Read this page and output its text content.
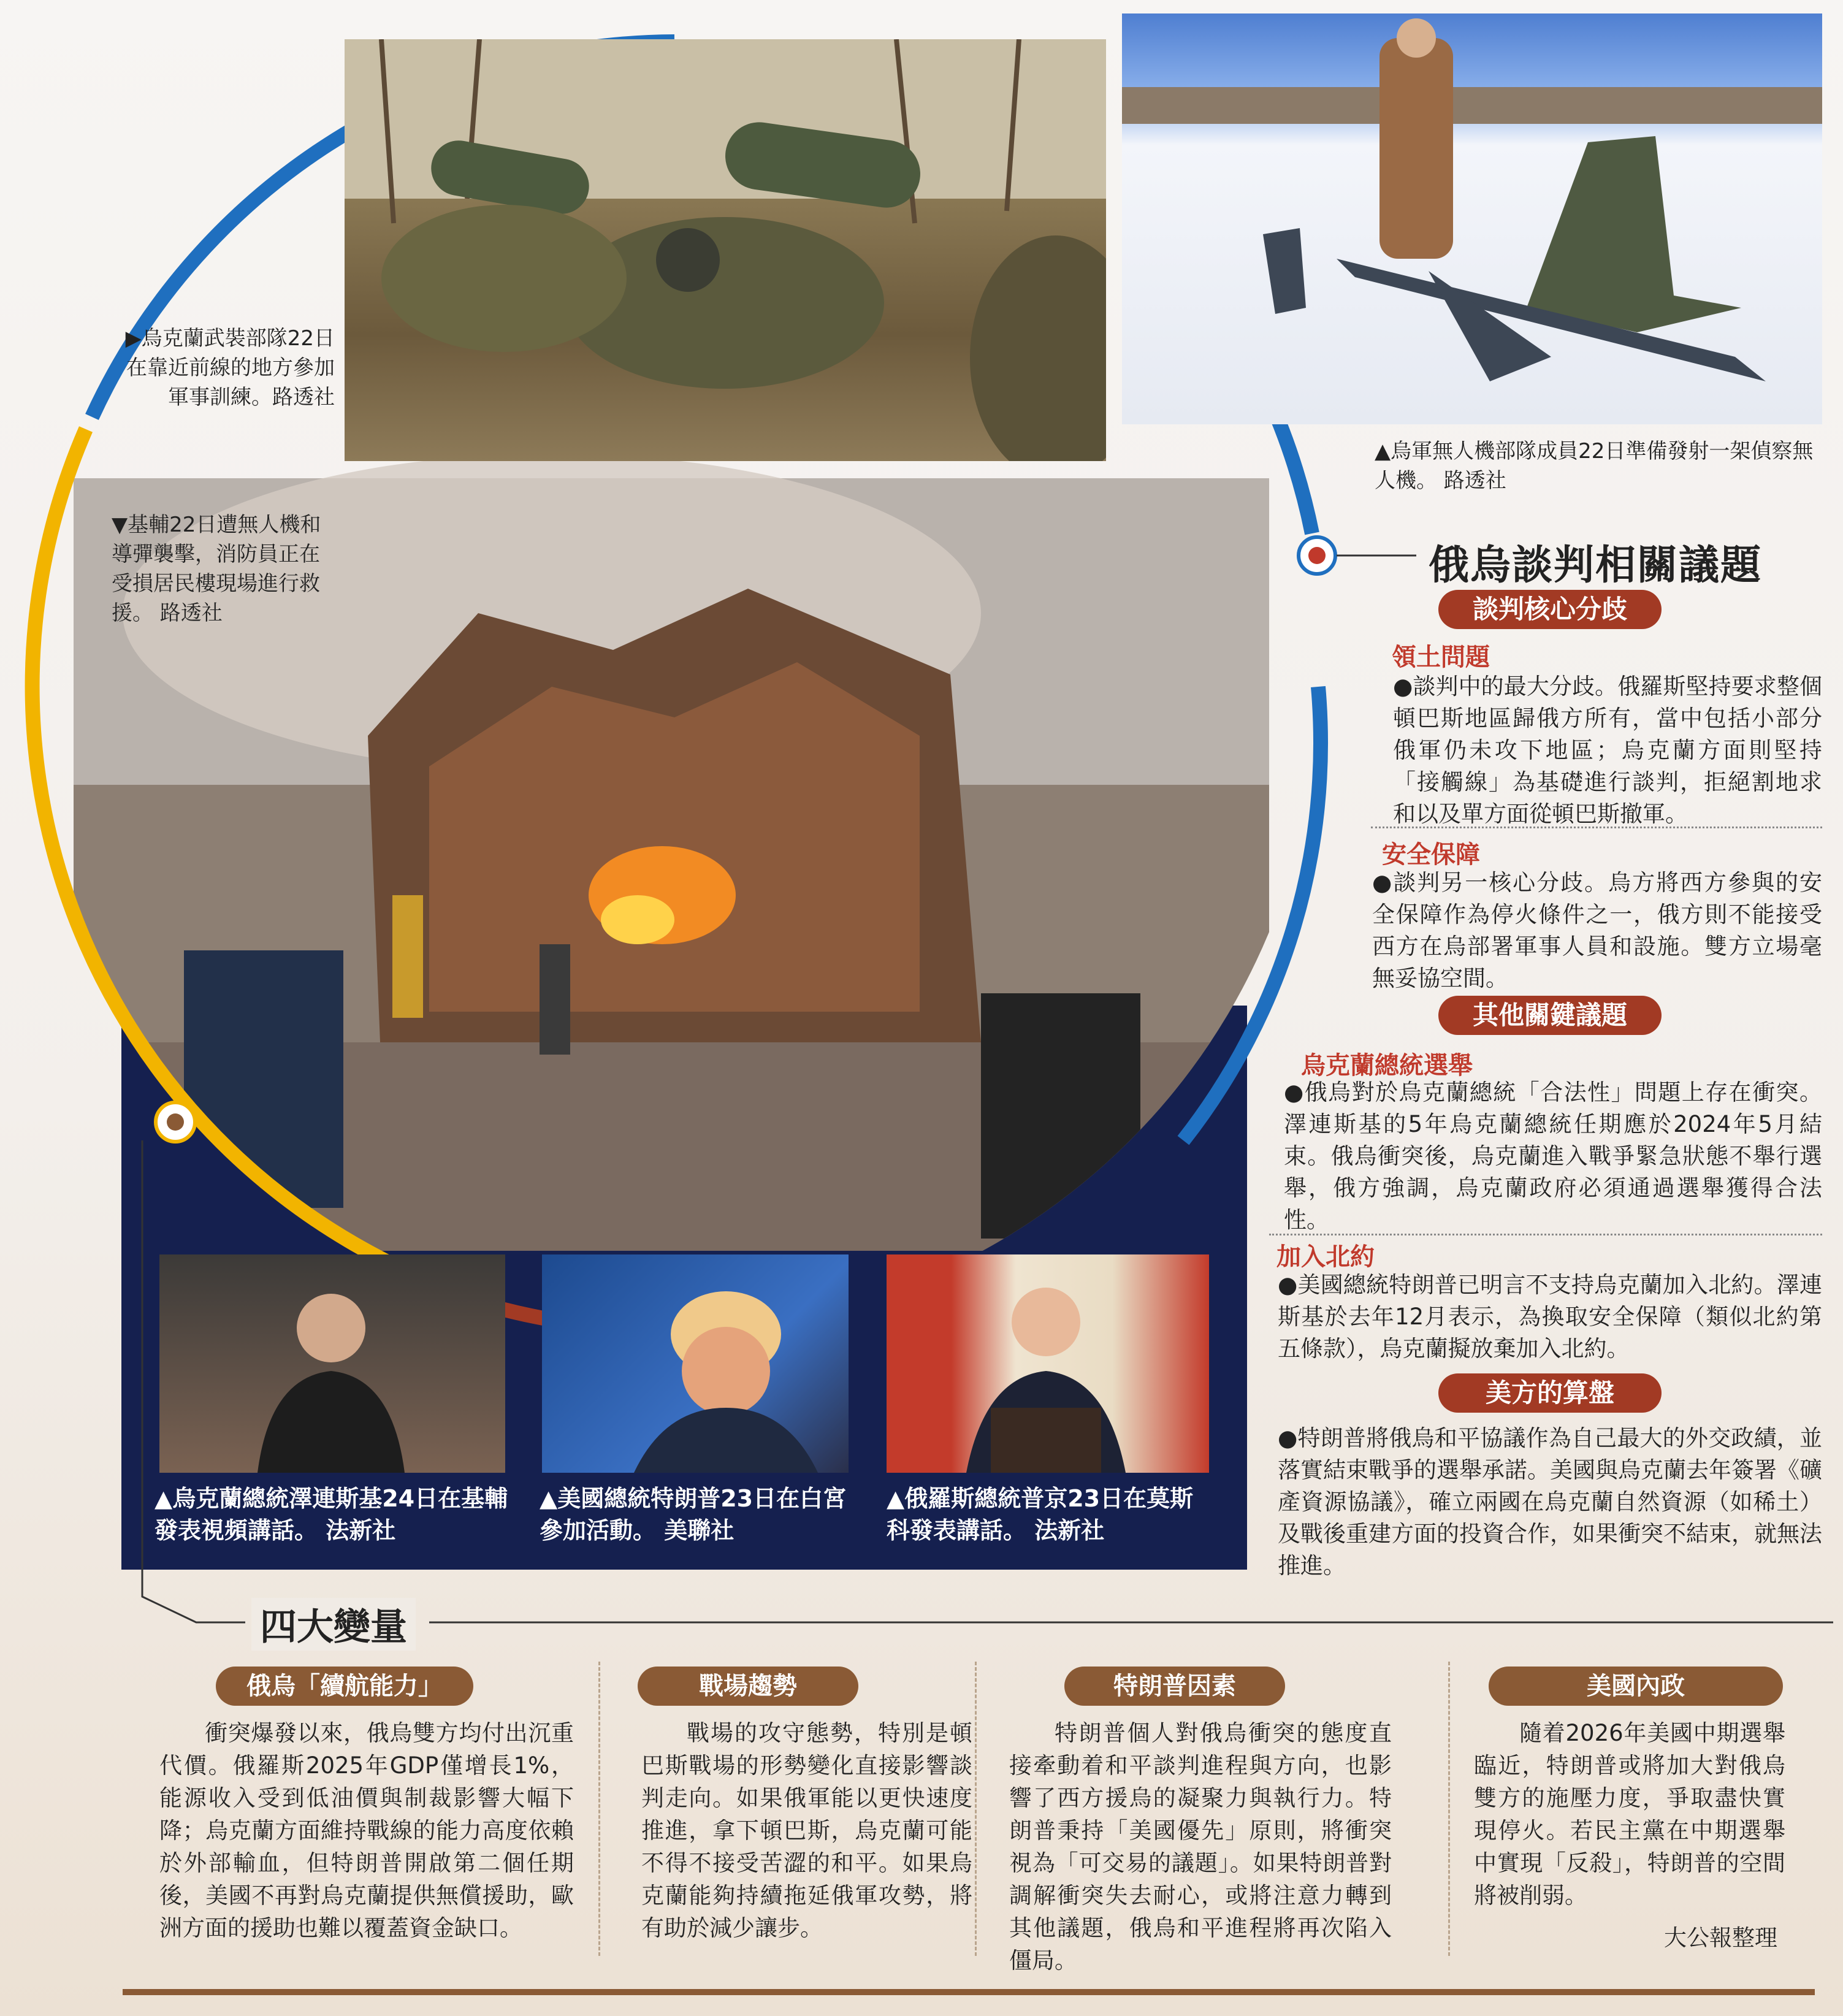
▶烏克蘭武裝部隊22日在靠近前線的地方參加軍事訓練。路透社
▲烏軍無人機部隊成員22日準備發射一架偵察無人機。 路透社
▼基輔22日遭無人機和導彈襲擊，消防員正在受損居民樓現場進行救援。 路透社
▲烏克蘭總統澤連斯基24日在基輔發表視頻講話。 法新社
▲美國總統特朗普23日在白宮參加活動。 美聯社
▲俄羅斯總統普京23日在莫斯科發表講話。 法新社
俄烏談判相關議題
談判核心分歧
領土問題
●談判中的最大分歧。俄羅斯堅持要求整個頓巴斯地區歸俄方所有，當中包括小部分俄軍仍未攻下地區；烏克蘭方面則堅持「接觸線」為基礎進行談判，拒絕割地求和以及單方面從頓巴斯撤軍。
安全保障
●談判另一核心分歧。烏方將西方參與的安全保障作為停火條件之一，俄方則不能接受西方在烏部署軍事人員和設施。雙方立場毫無妥協空間。
其他關鍵議題
烏克蘭總統選舉
●俄烏對於烏克蘭總統「合法性」問題上存在衝突。澤連斯基的5年烏克蘭總統任期應於2024年5月結束。俄烏衝突後，烏克蘭進入戰爭緊急狀態不舉行選舉，俄方強調，烏克蘭政府必須通過選舉獲得合法性。
加入北約
●美國總統特朗普已明言不支持烏克蘭加入北約。澤連斯基於去年12月表示，為換取安全保障（類似北約第五條款），烏克蘭擬放棄加入北約。
美方的算盤
●特朗普將俄烏和平協議作為自己最大的外交政績，並落實結束戰爭的選舉承諾。美國與烏克蘭去年簽署《礦產資源協議》，確立兩國在烏克蘭自然資源（如稀土）及戰後重建方面的投資合作，如果衝突不結束，就無法推進。
四大變量
俄烏「續航能力」
衝突爆發以來，俄烏雙方均付出沉重代價。俄羅斯2025年GDP僅增長1%，能源收入受到低油價與制裁影響大幅下降；烏克蘭方面維持戰線的能力高度依賴於外部輸血，但特朗普開啟第二個任期後，美國不再對烏克蘭提供無償援助，歐洲方面的援助也難以覆蓋資金缺口。
戰場趨勢
戰場的攻守態勢，特別是頓巴斯戰場的形勢變化直接影響談判走向。如果俄軍能以更快速度推進，拿下頓巴斯，烏克蘭可能不得不接受苦澀的和平。如果烏克蘭能夠持續拖延俄軍攻勢，將有助於減少讓步。
特朗普因素
特朗普個人對俄烏衝突的態度直接牽動着和平談判進程與方向，也影響了西方援烏的凝聚力與執行力。特朗普秉持「美國優先」原則，將衝突視為「可交易的議題」。如果特朗普對調解衝突失去耐心，或將注意力轉到其他議題，俄烏和平進程將再次陷入僵局。
美國內政
隨着2026年美國中期選舉臨近，特朗普或將加大對俄烏雙方的施壓力度，爭取盡快實現停火。若民主黨在中期選舉中實現「反殺」，特朗普的空間將被削弱。
大公報整理
